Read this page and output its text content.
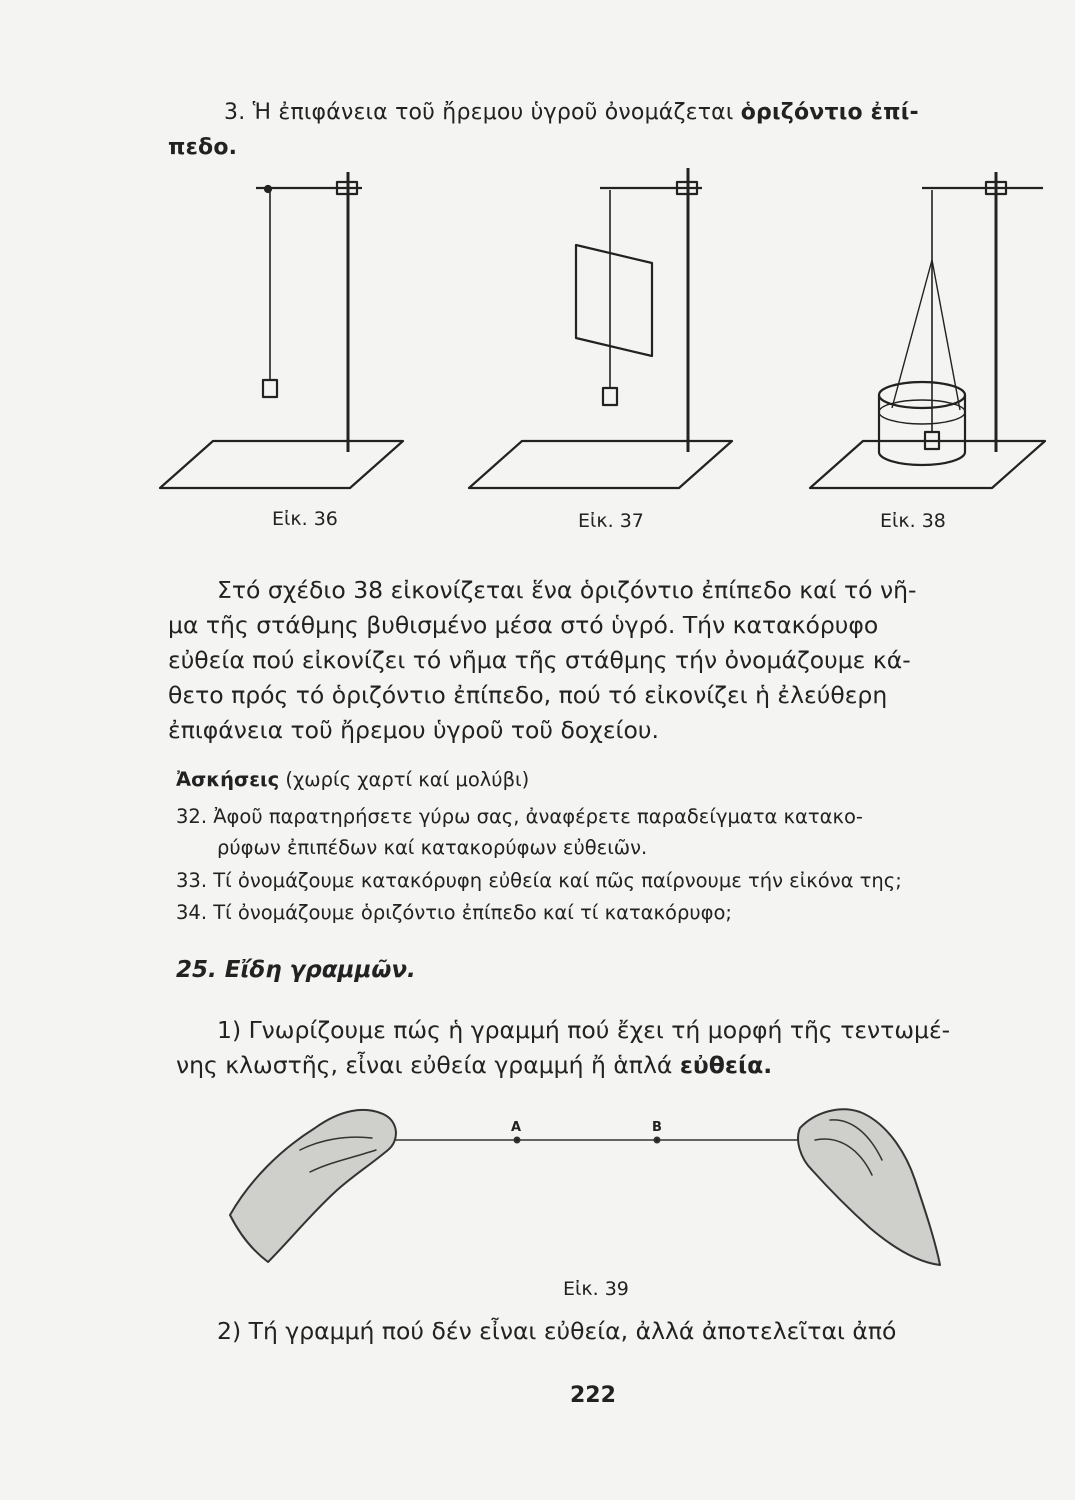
3. Ἡ ἐπιφάνεια τοῦ ἤρεμου ὑγροῦ ὀνομάζεται ὁριζόντιο ἐπί-
πεδο.
Εἰκ. 36	Εἰκ. 37	Εἰκ. 38
Στό σχέδιο 38 εἰκονίζεται ἕνα ὁριζόντιο ἐπίπεδο καί τό νῆ-
μα τῆς στάθμης βυθισμένο μέσα στό ὑγρό. Τήν κατακόρυφο
εὐθεία πού εἰκονίζει τό νῆμα τῆς στάθμης τήν ὀνομάζουμε κά-
θετο πρός τό ὁριζόντιο ἐπίπεδο, πού τό εἰκονίζει ἡ ἐλεύθερη
ἐπιφάνεια τοῦ ἤρεμου ὑγροῦ τοῦ δοχείου.
Ἀσκήσεις (χωρίς χαρτί καί μολύβι)
32. Ἀφοῦ παρατηρήσετε γύρω σας, ἀναφέρετε παραδείγματα κατακο-
ρύφων ἐπιπέδων καί κατακορύφων εὐθειῶν.
33. Τί ὀνομάζουμε κατακόρυφη εὐθεία καί πῶς παίρνουμε τήν εἰκόνα της;
34. Τί ὀνομάζουμε ὁριζόντιο ἐπίπεδο καί τί κατακόρυφο;
25. Εἴδη γραμμῶν.
1) Γνωρίζουμε πώς ἡ γραμμή πού ἔχει τή μορφή τῆς τεντωμέ-
νης κλωστῆς, εἶναι εὐθεία γραμμή ἤ ἁπλά εὐθεία.
A	B
Εἰκ. 39
2) Τή γραμμή πού δέν εἶναι εὐθεία, ἀλλά ἀποτελεῖται ἀπό
222
